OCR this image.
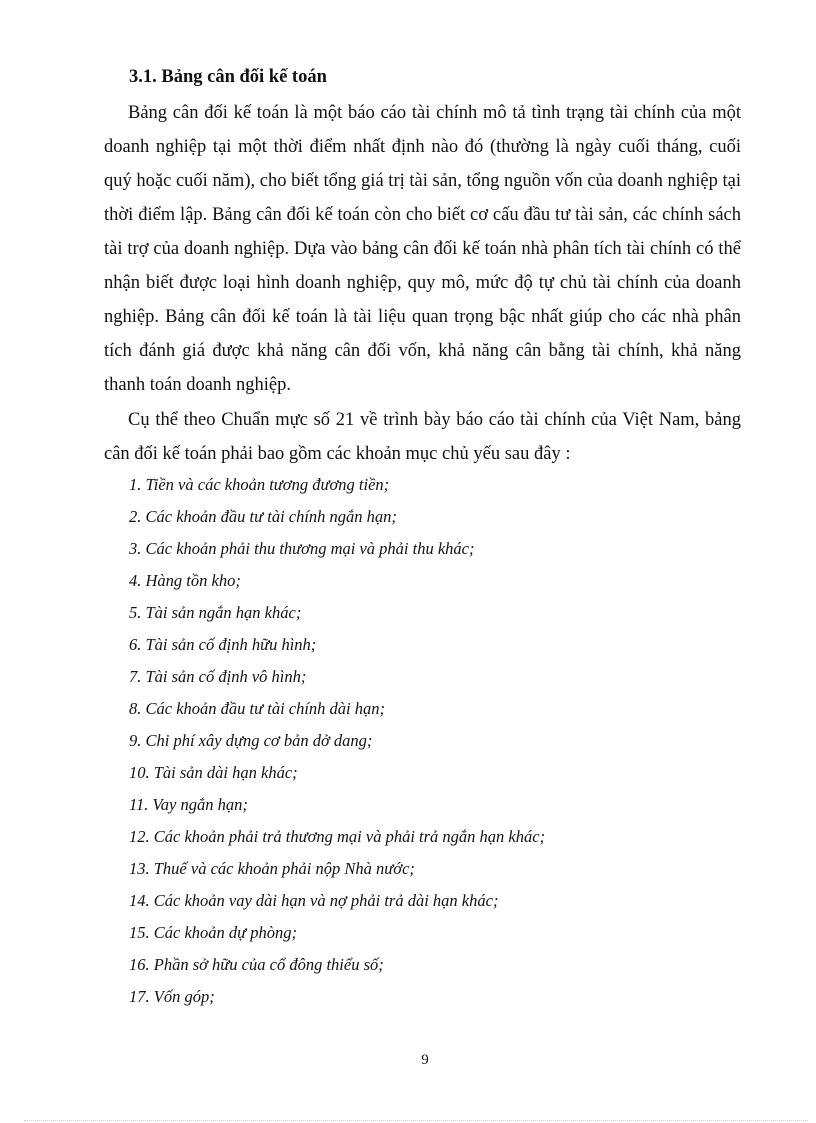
3.1. Bảng cân đối kế toán

Bảng cân đối kế toán là một báo cáo tài chính mô tả tình trạng tài chính của một doanh nghiệp tại một thời điểm nhất định nào đó (thường là ngày cuối tháng, cuối quý hoặc cuối năm), cho biết tổng giá trị tài sản, tổng nguồn vốn của doanh nghiệp tại thời điểm lập. Bảng cân đối kế toán còn cho biết cơ cấu đầu tư tài sản, các chính sách tài trợ của doanh nghiệp. Dựa vào bảng cân đối kế toán nhà phân tích tài chính có thể nhận biết được loại hình doanh nghiệp, quy mô, mức độ tự chủ tài chính của doanh nghiệp. Bảng cân đối kế toán là tài liệu quan trọng bậc nhất giúp cho các nhà phân tích đánh giá được khả năng cân đối vốn, khả năng cân bằng tài chính, khả năng thanh toán doanh nghiệp.

Cụ thể theo Chuẩn mực số 21 về trình bày báo cáo tài chính của Việt Nam, bảng cân đối kế toán phải bao gồm các khoản mục chủ yếu sau đây :

1. Tiền và các khoản tương đương tiền;
2. Các khoản đầu tư tài chính ngắn hạn;
3. Các khoản phải thu thương mại và phải thu khác;
4. Hàng tồn kho;
5. Tài sản ngắn hạn khác;
6. Tài sản cố định hữu hình;
7. Tài sản cố định vô hình;
8. Các khoản đầu tư tài chính dài hạn;
9. Chi phí xây dựng cơ bản dở dang;
10. Tài sản dài hạn khác;
11. Vay ngắn hạn;
12. Các khoản phải trả thương mại và phải trả ngắn hạn khác;
13. Thuế và các khoản phải nộp Nhà nước;
14. Các khoản vay dài hạn và nợ phải trả dài hạn khác;
15. Các khoản dự phòng;
16. Phần sở hữu của cổ đông thiểu số;
17. Vốn góp;
9
